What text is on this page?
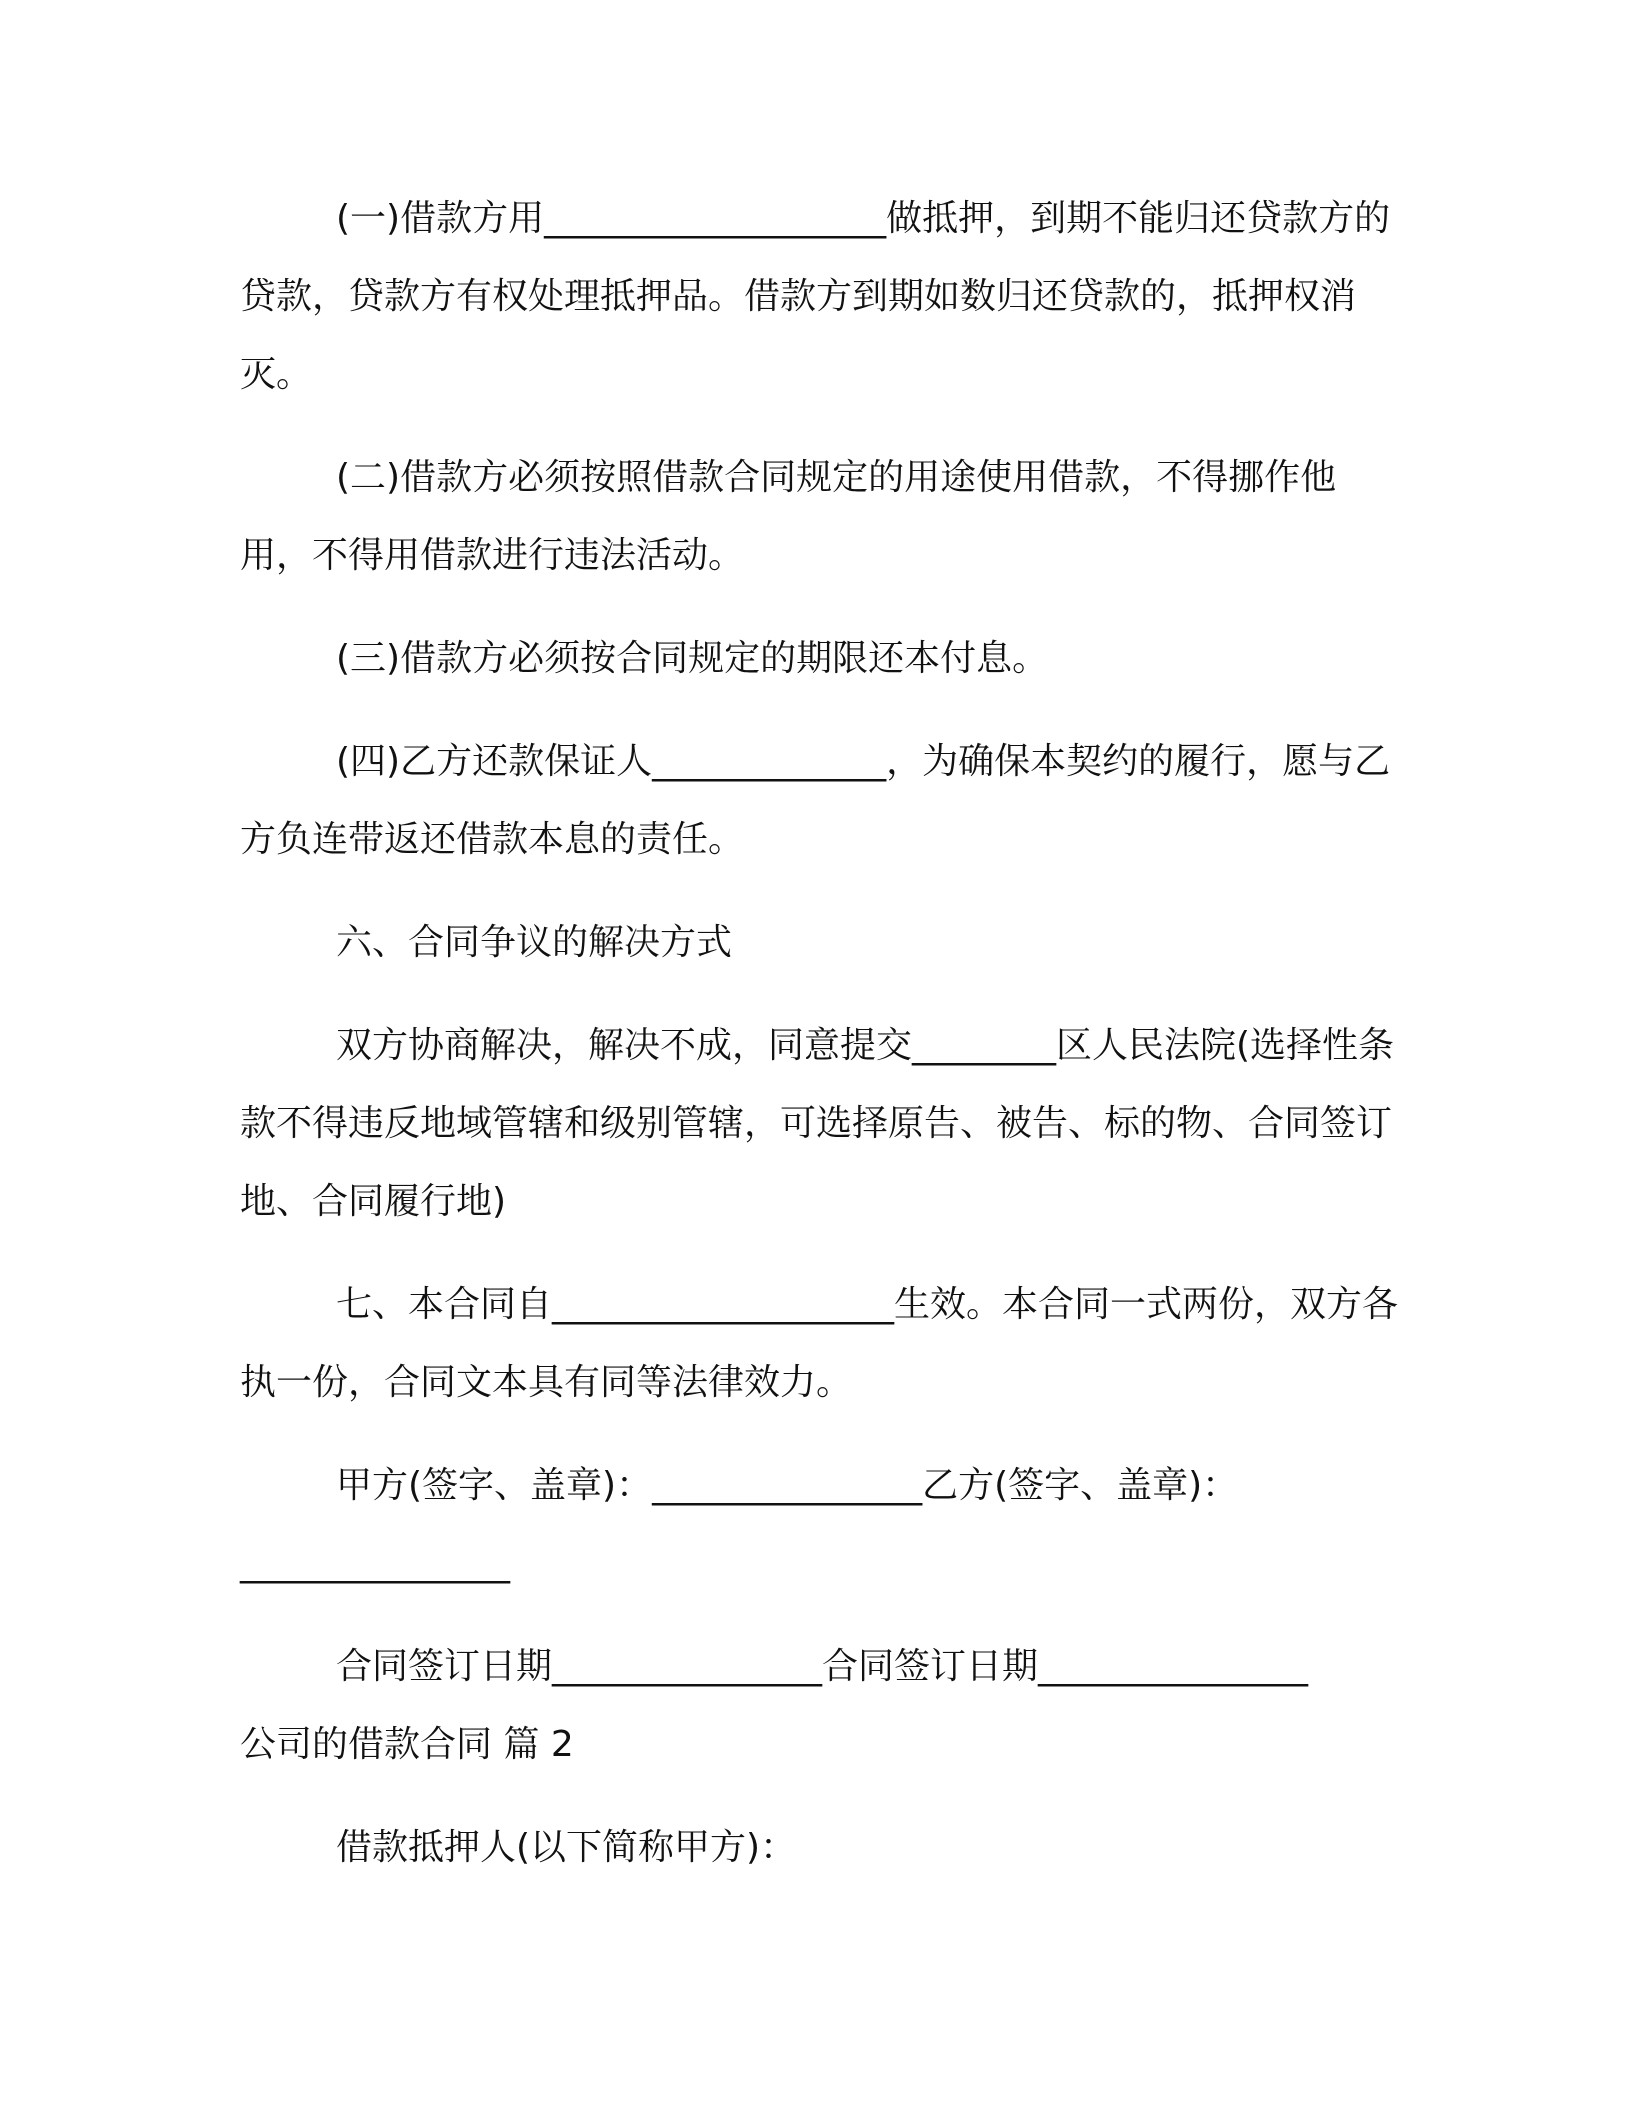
(一)借款方用___________________做抵押，到期不能归还贷款方的贷款，贷款方有权处理抵押品。借款方到期如数归还贷款的，抵押权消灭。

(二)借款方必须按照借款合同规定的用途使用借款，不得挪作他用，不得用借款进行违法活动。

(三)借款方必须按合同规定的期限还本付息。

(四)乙方还款保证人_____________，为确保本契约的履行，愿与乙方负连带返还借款本息的责任。

六、合同争议的解决方式

双方协商解决，解决不成，同意提交________区人民法院(选择性条款不得违反地域管辖和级别管辖，可选择原告、被告、标的物、合同签订地、合同履行地)

七、本合同自___________________生效。本合同一式两份，双方各执一份，合同文本具有同等法律效力。

甲方(签字、盖章)：_______________乙方(签字、盖章)：_______________

合同签订日期_______________合同签订日期_______________

公司的借款合同 篇 2

借款抵押人(以下简称甲方)：
